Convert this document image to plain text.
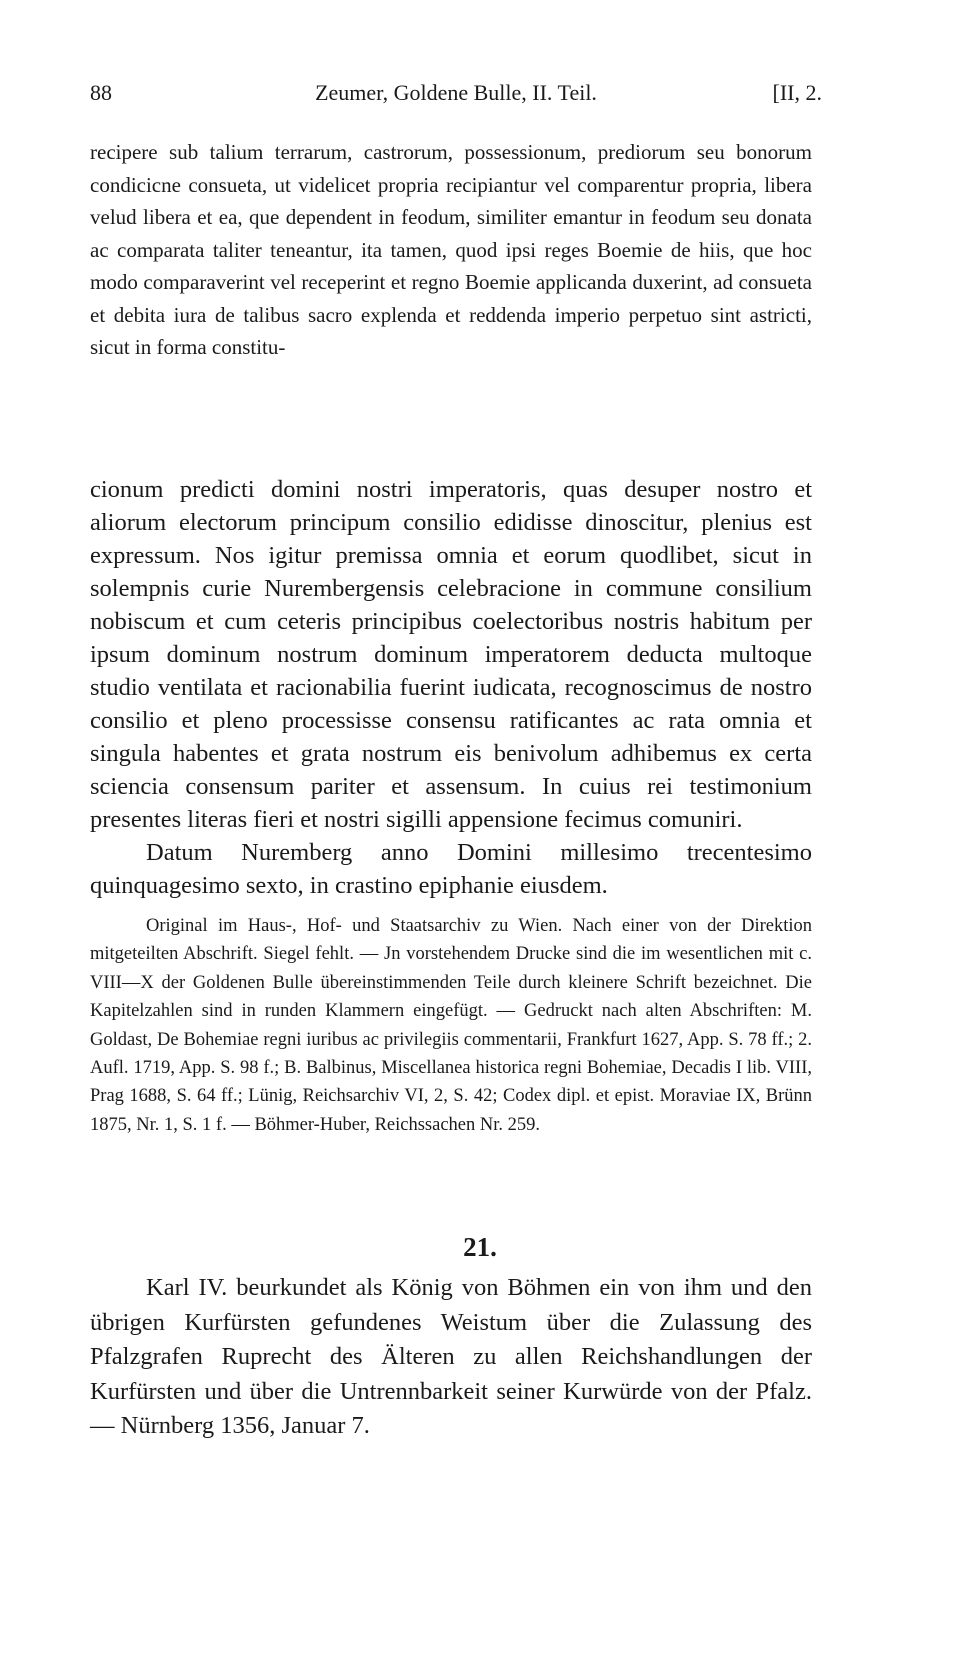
88	Zeumer, Goldene Bulle, II. Teil.	[II, 2.

recipere sub talium terrarum, castrorum, possessionum, prediorum seu bonorum condicicne consueta, ut videlicet propria recipiantur vel comparentur propria, libera velud libera et ea, que dependent in feodum, similiter emantur in feodum seu donata ac comparata taliter teneantur, ita tamen, quod ipsi reges Boemie de hiis, que hoc modo comparaverint vel receperint et regno Boemie applicanda duxerint, ad consueta et debita iura de talibus sacro explenda et reddenda imperio perpetuo sint astricti, sicut in forma constitu-

cionum predicti domini nostri imperatoris, quas desuper nostro et aliorum electorum principum consilio edidisse dinoscitur, plenius est expressum. Nos igitur premissa omnia et eorum quodlibet, sicut in solempnis curie Nurembergensis celebracione in commune consilium nobiscum et cum ceteris principibus coelectoribus nostris habitum per ipsum dominum nostrum dominum imperatorem deducta multoque studio ventilata et racionabilia fuerint iudicata, recognoscimus de nostro consilio et pleno processisse consensu ratificantes ac rata omnia et singula habentes et grata nostrum eis benivolum adhibemus ex certa sciencia consensum pariter et assensum. In cuius rei testimonium presentes literas fieri et nostri sigilli appensione fecimus comuniri.

Datum Nuremberg anno Domini millesimo trecentesimo quinquagesimo sexto, in crastino epiphanie eiusdem.

Original im Haus-, Hof- und Staatsarchiv zu Wien. Nach einer von der Direktion mitgeteilten Abschrift. Siegel fehlt. — Jn vorstehendem Drucke sind die im wesentlichen mit c. VIII—X der Goldenen Bulle übereinstimmenden Teile durch kleinere Schrift bezeichnet. Die Kapitelzahlen sind in runden Klammern eingefügt. — Gedruckt nach alten Abschriften: M. Goldast, De Bohemiae regni iuribus ac privilegiis commentarii, Frankfurt 1627, App. S. 78 ff.; 2. Aufl. 1719, App. S. 98 f.; B. Balbinus, Miscellanea historica regni Bohemiae, Decadis I lib. VIII, Prag 1688, S. 64 ff.; Lünig, Reichsarchiv VI, 2, S. 42; Codex dipl. et epist. Moraviae IX, Brünn 1875, Nr. 1, S. 1 f. — Böhmer-Huber, Reichssachen Nr. 259.

21.

Karl IV. beurkundet als König von Böhmen ein von ihm und den übrigen Kurfürsten gefundenes Weistum über die Zulassung des Pfalzgrafen Ruprecht des Älteren zu allen Reichshandlungen der Kurfürsten und über die Untrennbarkeit seiner Kurwürde von der Pfalz. — Nürnberg 1356, Januar 7.
